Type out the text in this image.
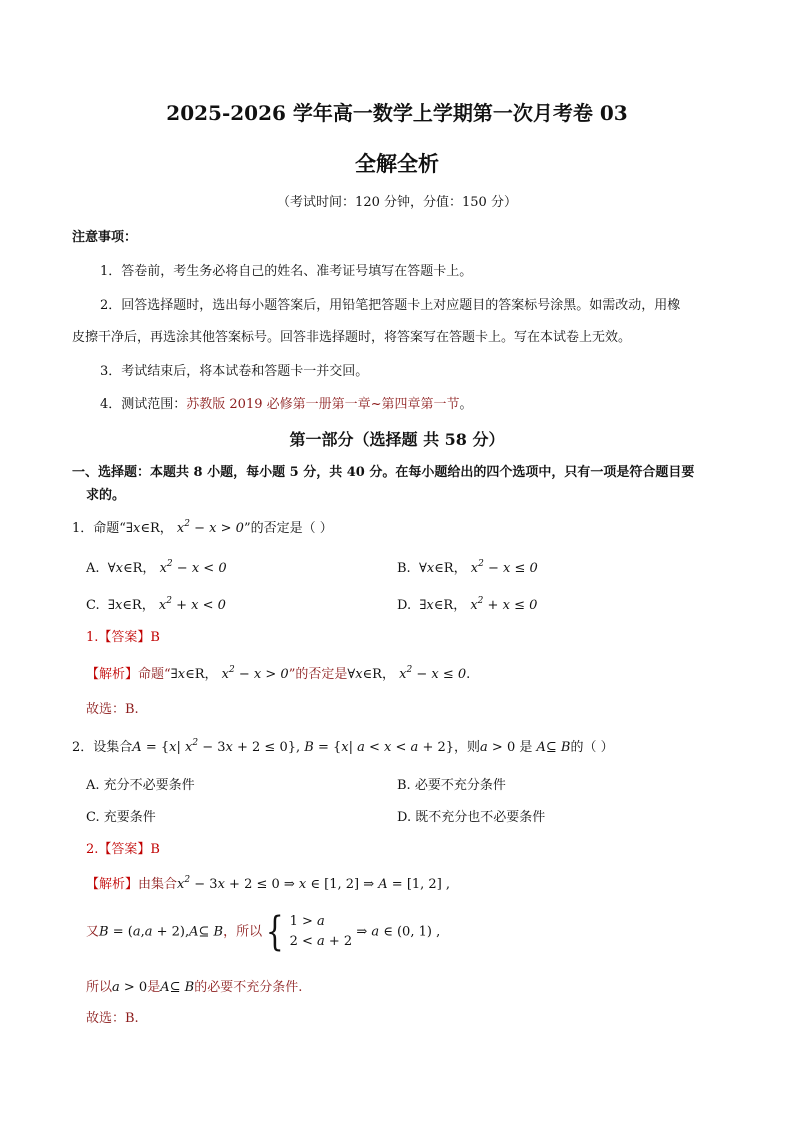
2025-2026 学年高一数学上学期第一次月考卷 03
全解全析
（考试时间：120 分钟，分值：150 分）
注意事项：
1．答卷前，考生务必将自己的姓名、准考证号填写在答题卡上。
2．回答选择题时，选出每小题答案后，用铅笔把答题卡上对应题目的答案标号涂黑。如需改动，用橡
皮擦干净后，再选涂其他答案标号。回答非选择题时，将答案写在答题卡上。写在本试卷上无效。
3．考试结束后，将本试卷和答题卡一并交回。
4．测试范围：苏教版 2019 必修第一册第一章~第四章第一节。
第一部分（选择题 共 58 分）
一、选择题：本题共 8 小题，每小题 5 分，共 40 分。在每小题给出的四个选项中，只有一项是符合题目要
求的。
1．命题“∃x∈R， $x^2 - x > 0$”的否定是（ ）
A. ∀x∈R， $x^2 - x < 0$	B. ∀x∈R， $x^2 - x \le 0$
C. ∃x∈R， $x^2 + x < 0$	D. ∃x∈R， $x^2 + x \le 0$
1.【答案】B
【解析】命题“∃x∈R， $x^2 - x > 0$”的否定是∀x∈R， $x^2 - x \le 0$.
故选：B.
2．设集合A = {x| $x^2 - 3x + 2 \le 0$}, B = {x| a < x < a + 2}，则a > 0 是 A⊆ B的（ ）
A. 充分不必要条件	B. 必要不充分条件
C. 充要条件	D. 既不充分也不必要条件
2.【答案】B
【解析】由集合$x^2 - 3x + 2 \le 0$ ⇒ x ∈ [1, 2] ⇒ A = [1, 2] ,
又B = (a,a + 2),A⊆ B，所以 { 1 > a
2 < a + 2
⇒ a ∈ (0, 1) ,
所以a > 0是A⊆ B的必要不充分条件.
故选：B.
